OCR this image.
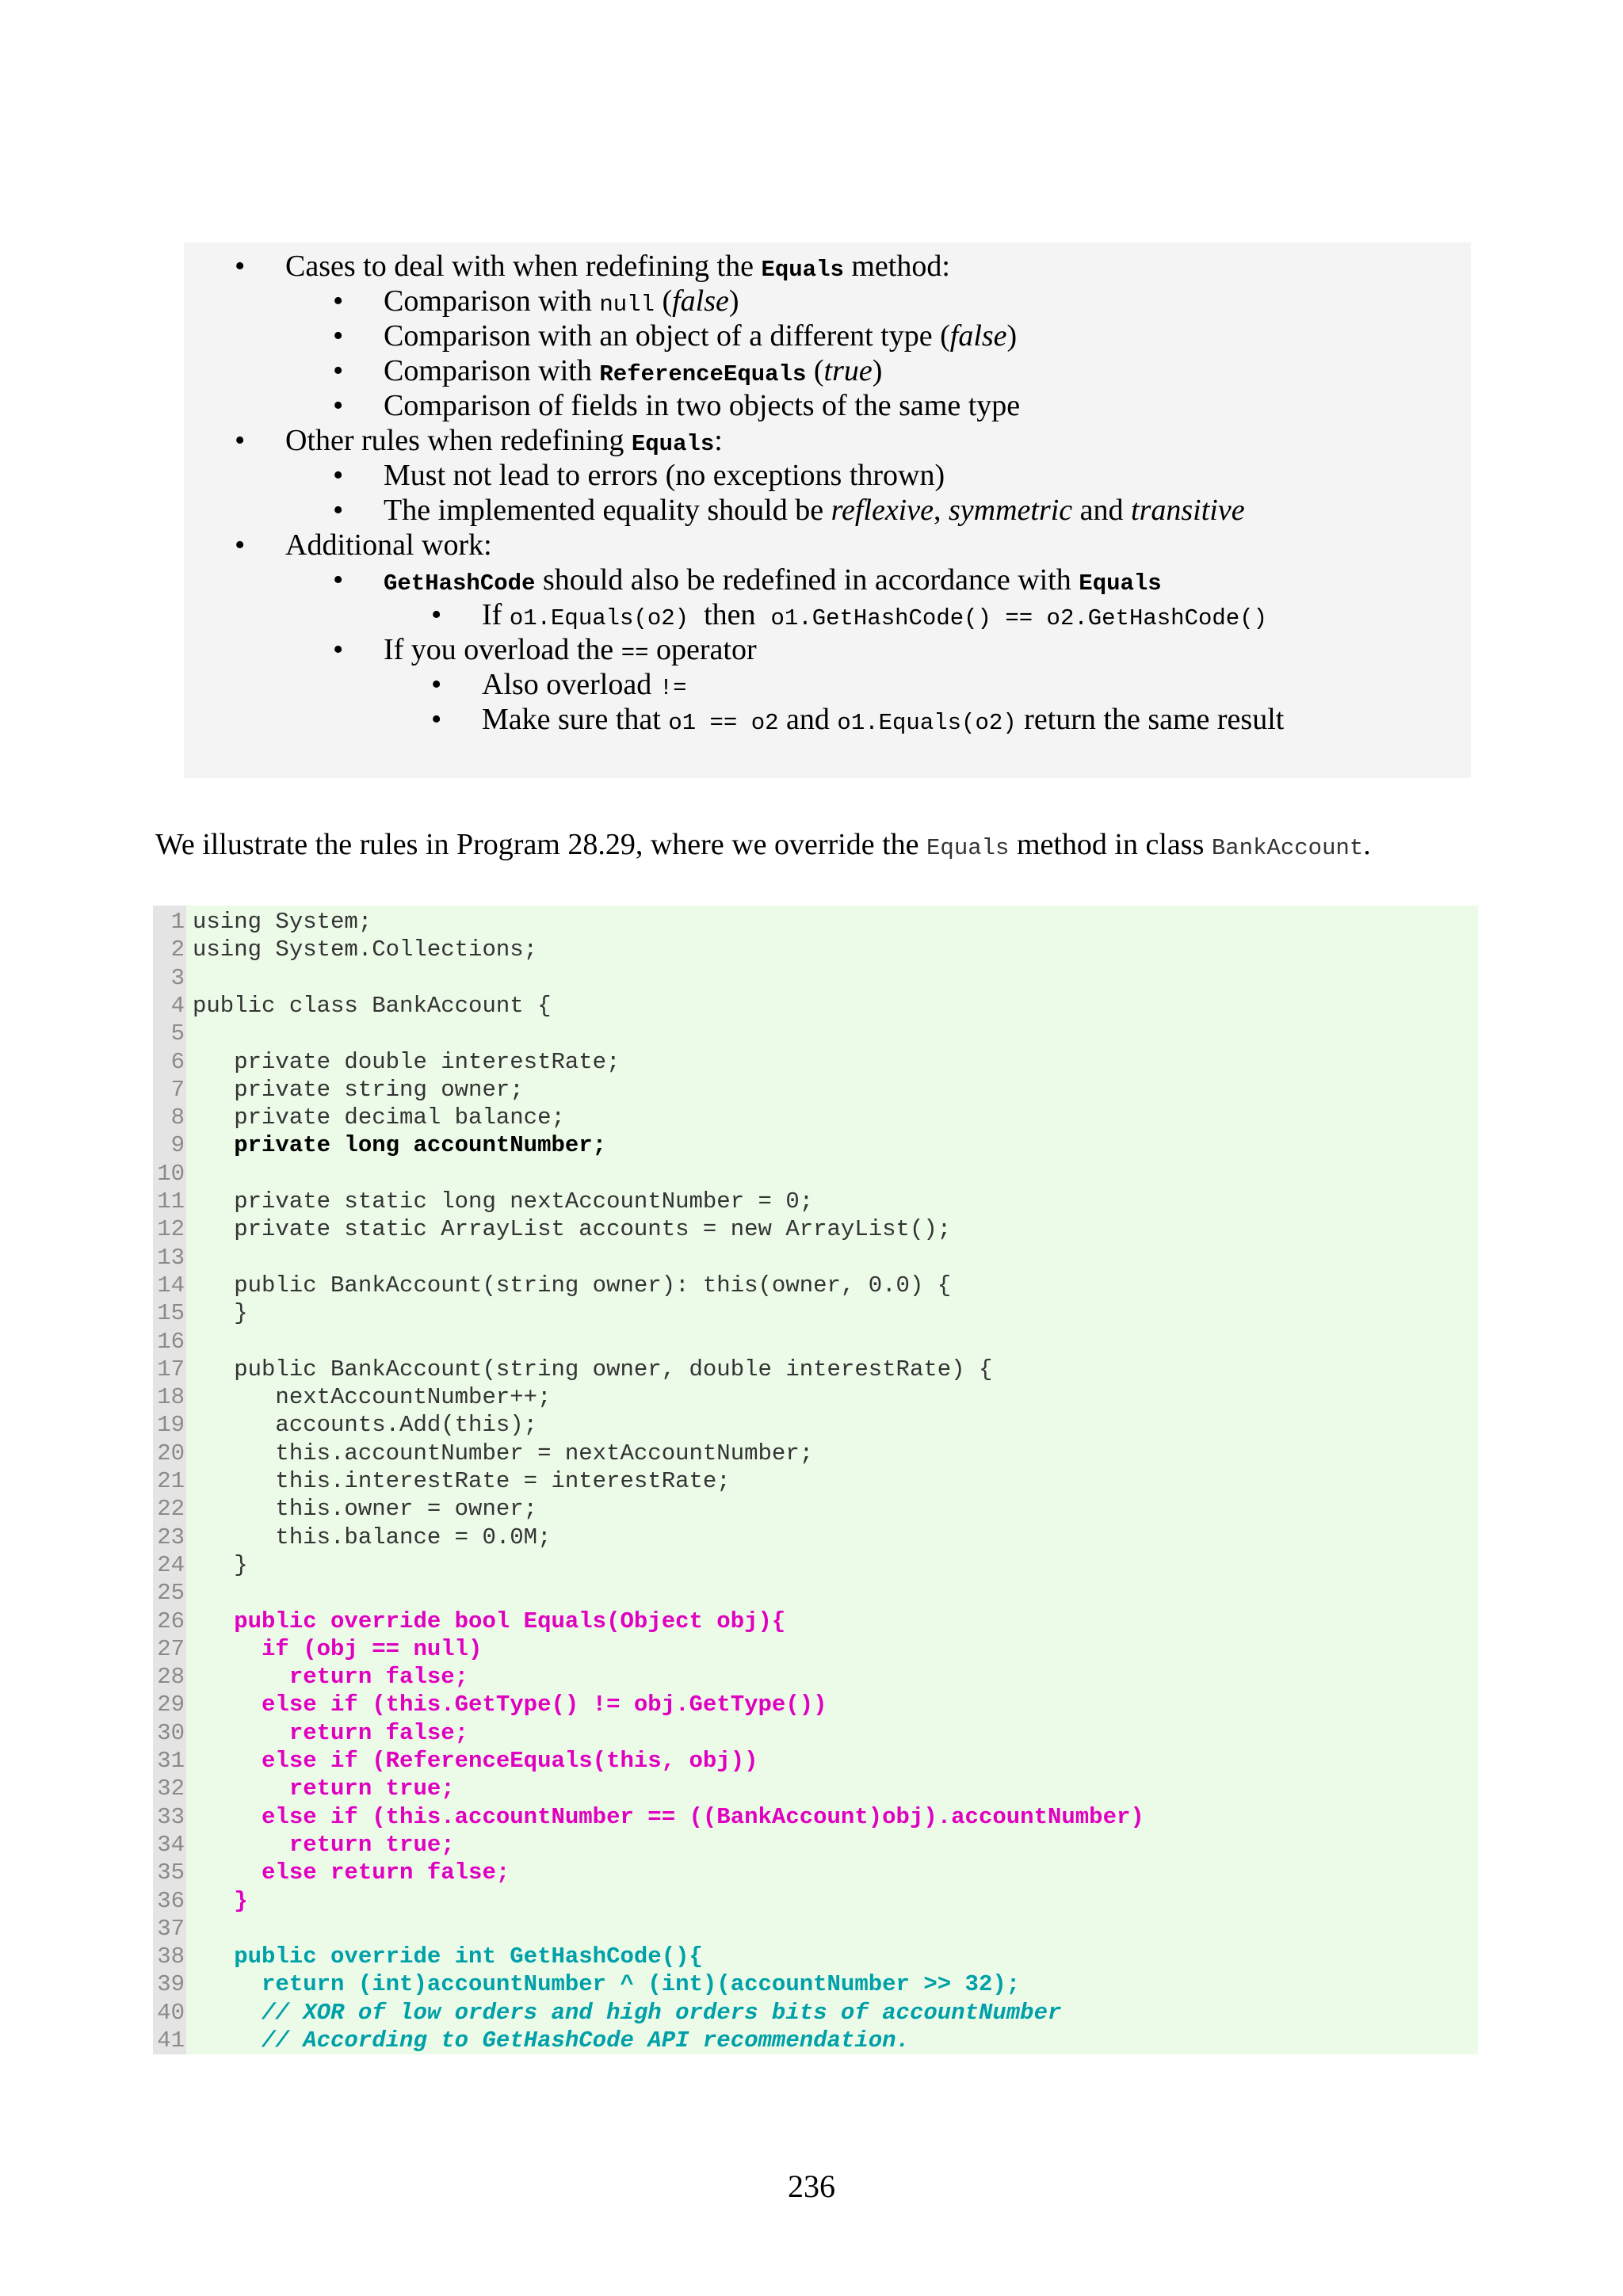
• Cases to deal with when redefining the Equals method:
• Comparison with null (false)
• Comparison with an object of a different type (false)
• Comparison with ReferenceEquals (true)
• Comparison of fields in two objects of the same type
• Other rules when redefining Equals:
• Must not lead to errors (no exceptions thrown)
• The implemented equality should be reflexive, symmetric and transitive
• Additional work:
• GetHashCode should also be redefined in accordance with Equals
• If o1.Equals(o2)  then  o1.GetHashCode() == o2.GetHashCode()
• If you overload the == operator
• Also overload !=
• Make sure that o1 == o2 and o1.Equals(o2) return the same result
We illustrate the rules in Program 28.29, where we override the Equals method in class BankAccount.
1
2
3
4
5
6
7
8
9
10
11
12
13
14
15
16
17
18
19
20
21
22
23
24
25
26
27
28
29
30
31
32
33
34
35
36
37
38
39
40
41
using System;
using System.Collections;
public class BankAccount {
private double interestRate;
private string owner;
private decimal balance;
private long accountNumber;
private static long nextAccountNumber = 0;
private static ArrayList accounts = new ArrayList();
public BankAccount(string owner): this(owner, 0.0) {
}
public BankAccount(string owner, double interestRate) {
nextAccountNumber++;
accounts.Add(this);
this.accountNumber = nextAccountNumber;
this.interestRate = interestRate;
this.owner = owner;
this.balance = 0.0M;
}
public override bool Equals(Object obj){
if (obj == null)
return false;
else if (this.GetType() != obj.GetType())
return false;
else if (ReferenceEquals(this, obj))
return true;
else if (this.accountNumber == ((BankAccount)obj).accountNumber)
return true;
else return false;
}
public override int GetHashCode(){
return (int)accountNumber ^ (int)(accountNumber >> 32);
// XOR of low orders and high orders bits of accountNumber
// According to GetHashCode API recommendation.
236
